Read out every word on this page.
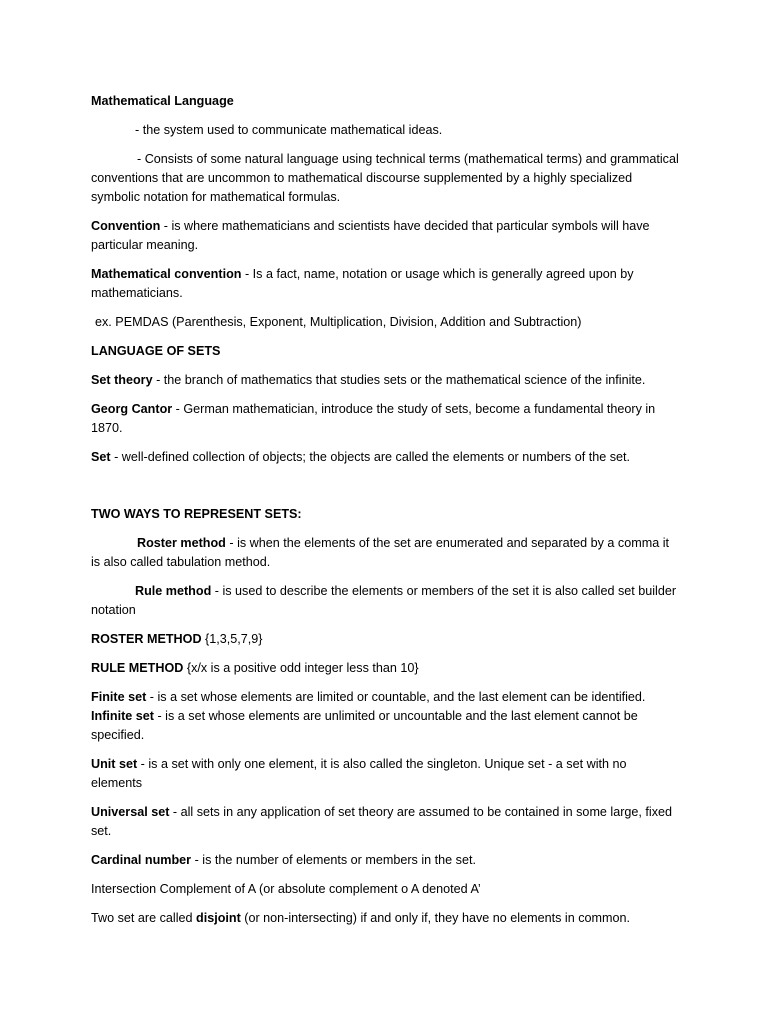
Mathematical Language

- the system used to communicate mathematical ideas.

- Consists of some natural language using technical terms (mathematical terms) and grammatical conventions that are uncommon to mathematical discourse supplemented by a highly specialized symbolic notation for mathematical formulas.

Convention - is where mathematicians and scientists have decided that particular symbols will have particular meaning.

Mathematical convention - Is a fact, name, notation or usage which is generally agreed upon by mathematicians.

ex. PEMDAS (Parenthesis, Exponent, Multiplication, Division, Addition and Subtraction)

LANGUAGE OF SETS

Set theory - the branch of mathematics that studies sets or the mathematical science of the infinite.

Georg Cantor - German mathematician, introduce the study of sets, become a fundamental theory in 1870.

Set - well-defined collection of objects; the objects are called the elements or numbers of the set.

TWO WAYS TO REPRESENT SETS:

Roster method - is when the elements of the set are enumerated and separated by a comma it is also called tabulation method.

Rule method - is used to describe the elements or members of the set it is also called set builder notation

ROSTER METHOD {1,3,5,7,9}

RULE METHOD {x/x is a positive odd integer less than 10}

Finite set - is a set whose elements are limited or countable, and the last element can be identified.

Infinite set - is a set whose elements are unlimited or uncountable and the last element cannot be specified.

Unit set - is a set with only one element, it is also called the singleton. Unique set - a set with no elements

Universal set - all sets in any application of set theory are assumed to be contained in some large, fixed set.

Cardinal number - is the number of elements or members in the set.

Intersection Complement of A (or absolute complement o A denoted A’

Two set are called disjoint (or non-intersecting) if and only if, they have no elements in common.
